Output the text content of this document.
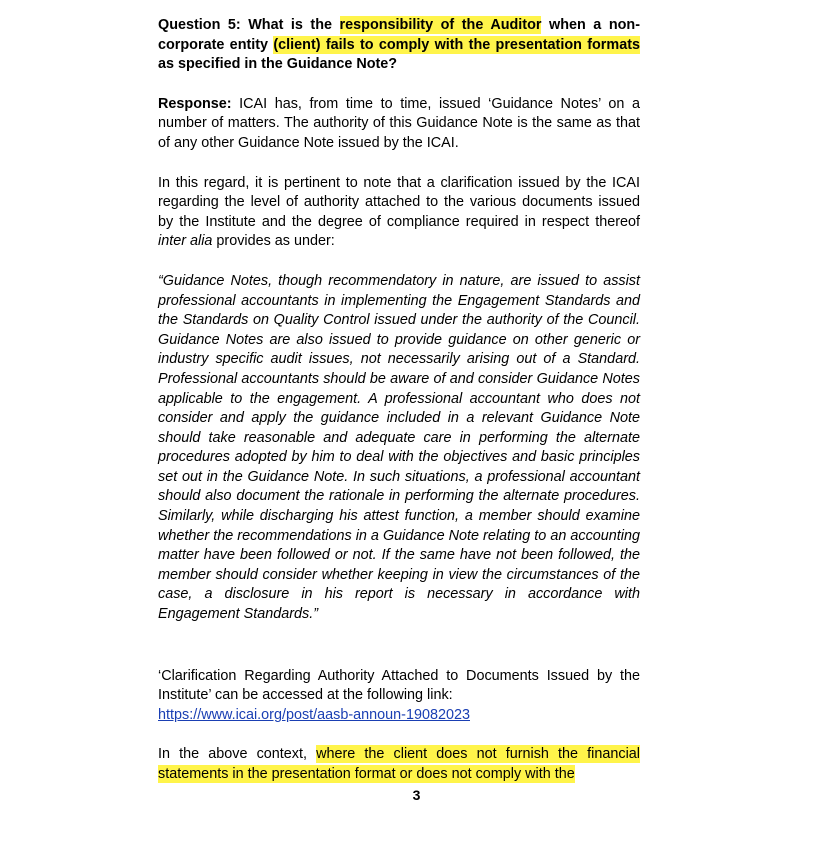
Question 5: What is the responsibility of the Auditor when a non-corporate entity (client) fails to comply with the presentation formats as specified in the Guidance Note?

Response: ICAI has, from time to time, issued ‘Guidance Notes’ on a number of matters. The authority of this Guidance Note is the same as that of any other Guidance Note issued by the ICAI.

In this regard, it is pertinent to note that a clarification issued by the ICAI regarding the level of authority attached to the various documents issued by the Institute and the degree of compliance required in respect thereof inter alia provides as under:

“Guidance Notes, though recommendatory in nature, are issued to assist professional accountants in implementing the Engagement Standards and the Standards on Quality Control issued under the authority of the Council. Guidance Notes are also issued to provide guidance on other generic or industry specific audit issues, not necessarily arising out of a Standard. Professional accountants should be aware of and consider Guidance Notes applicable to the engagement. A professional accountant who does not consider and apply the guidance included in a relevant Guidance Note should take reasonable and adequate care in performing the alternate procedures adopted by him to deal with the objectives and basic principles set out in the Guidance Note. In such situations, a professional accountant should also document the rationale in performing the alternate procedures. Similarly, while discharging his attest function, a member should examine whether the recommendations in a Guidance Note relating to an accounting matter have been followed or not. If the same have not been followed, the member should consider whether keeping in view the circumstances of the case, a disclosure in his report is necessary in accordance with Engagement Standards.”

‘Clarification Regarding Authority Attached to Documents Issued by the Institute’ can be accessed at the following link:
https://www.icai.org/post/aasb-announ-19082023

In the above context, where the client does not furnish the financial statements in the presentation format or does not comply with the

3
